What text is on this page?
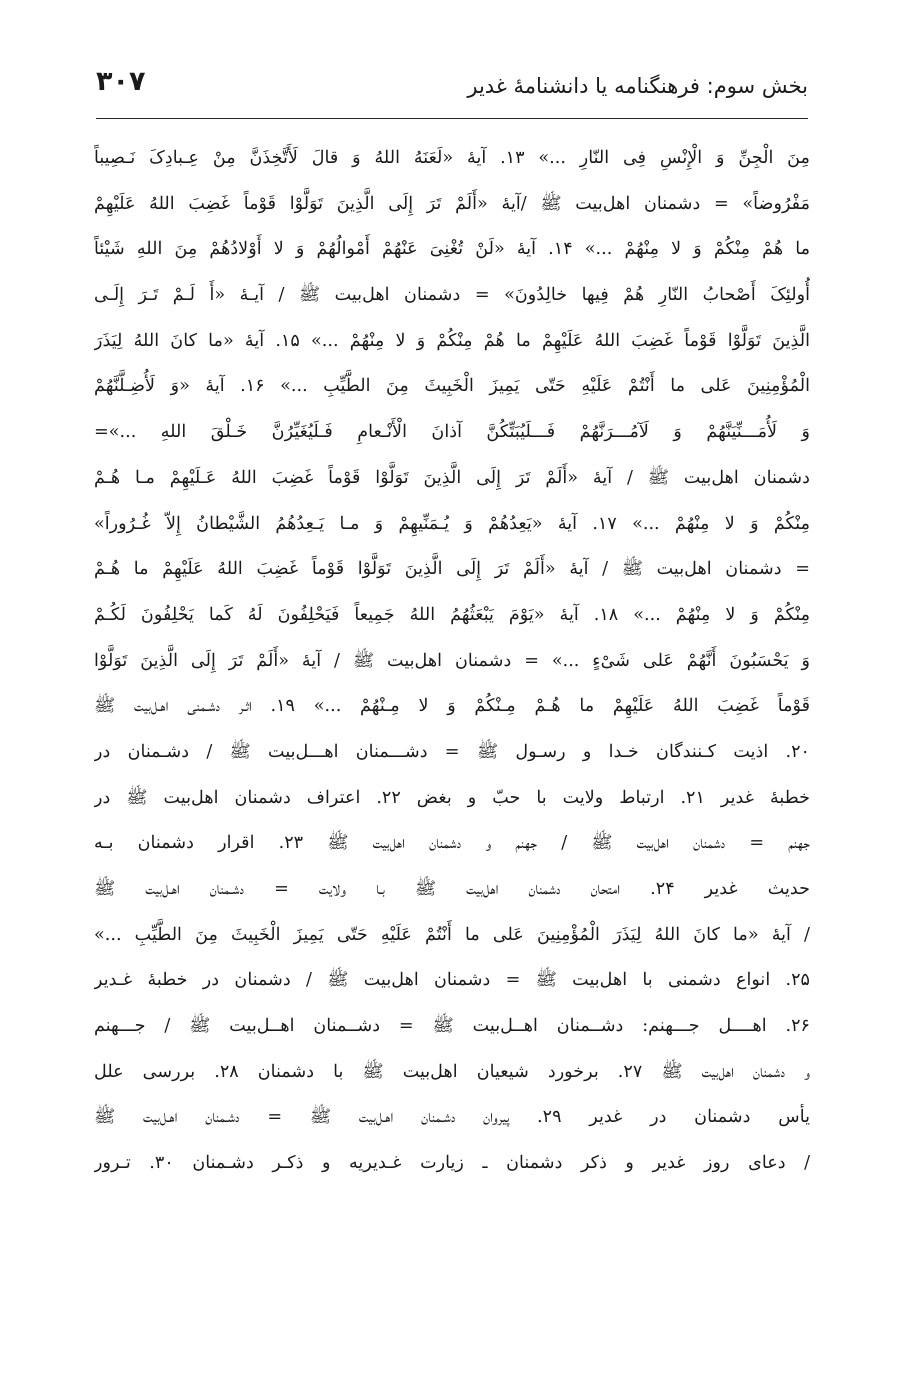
بخش سوم: فرهنگنامه یا دانشنامهٔ غدیر
۳۰۷
مِنَ الْجِنِّ وَ الْإِنْسِ فِی النّارِ ...» ۱۳. آیهٔ «لَعَنَهُ اللهُ وَ قالَ لَأَتَّخِذَنَّ مِنْ عِـبادِکَ نَـصِیباً
مَفْرُوضاً» = دشمنان اهل‌بیت ﷺ /آیهٔ «أَلَمْ تَرَ إِلَی الَّذِینَ تَوَلَّوْا قَوْماً غَضِبَ اللهُ عَلَیْهِمْ
ما هُمْ مِنْکُمْ وَ لا مِنْهُمْ ...» ۱۴. آیهٔ «لَنْ تُغْنِیَ عَنْهُمْ أَمْوالُهُمْ وَ لا أَوْلادُهُمْ مِنَ اللهِ شَیْئاً
أُولئِکَ أَصْحابُ النّارِ هُمْ فِیها خالِدُونَ» = دشمنان اهل‌بیت ﷺ / آیـهٔ «أَ لَـمْ تَـرَ إِلَـی
الَّذِینَ تَوَلَّوْا قَوْماً غَضِبَ اللهُ عَلَیْهِمْ ما هُمْ مِنْکُمْ وَ لا مِنْهُمْ ...» ۱۵. آیهٔ «ما کانَ اللهُ لِیَذَرَ
الْمُؤْمِنِینَ عَلی ما أَنْتُمْ عَلَیْهِ حَتّی یَمِیزَ الْخَبِیثَ مِنَ الطَّیِّبِ ...» ۱۶. آیهٔ «وَ لَأُضِـلَّنَّهُمْ
وَ لَأُمَـــنِّیَنَّهُمْ وَ لَآمُـــرَنَّهُمْ فَـــلَیُبَتِّکُنَّ آذانَ الْأَنْـعامِ فَـلَیُغَیِّرُنَّ خَـلْقَ اللهِ ...»=
دشمنان اهل‌بیت ﷺ / آیهٔ «أَلَمْ تَرَ إِلَی الَّذِینَ تَوَلَّوْا قَوْماً غَضِبَ اللهُ عَـلَیْهِمْ مـا هُـمْ
مِنْکُمْ وَ لا مِنْهُمْ ...» ۱۷. آیهٔ «یَعِدُهُمْ وَ یُـمَنِّیهِمْ وَ مـا یَـعِدُهُمُ الشَّیْطانُ إِلاّ غُـرُوراً»
= دشمنان اهل‌بیت ﷺ / آیهٔ «أَلَمْ تَرَ إِلَی الَّذِینَ تَوَلَّوْا قَوْماً غَضِبَ اللهُ عَلَیْهِمْ ما هُـمْ
مِنْکُمْ وَ لا مِنْهُمْ ...» ۱۸. آیهٔ «یَوْمَ یَبْعَثُهُمُ اللهُ جَمِیعاً فَیَحْلِفُونَ لَهُ کَما یَحْلِفُونَ لَکُـمْ
وَ یَحْسَبُونَ أَنَّهُمْ عَلی شَیْءٍ ...» = دشمنان اهل‌بیت ﷺ / آیهٔ «أَلَمْ تَرَ إِلَی الَّذِینَ تَوَلَّوْا
قَوْماً غَضِبَ اللهُ عَلَیْهِمْ ما هُـمْ مِـنْکُمْ وَ لا مِـنْهُمْ ...» ۱۹. اثـر دشـمنی اهـل‌بیت ﷺ
۲۰. اذیت کـنندگان خـدا و رسـول ﷺ = دشـــمنان اهـــل‌بیت ﷺ / دشـمنان در
خطبهٔ غدیر ۲۱. ارتباط ولایت با حبّ و بغض ۲۲. اعتراف دشمنان اهل‌بیت ﷺ در
جهنم = دشمنان اهل‌بیت ﷺ / جهنم و دشمنان اهل‌بیت ﷺ ۲۳. اقرار دشمنان بـه
حدیث غدیر ۲۴. امتحان دشمنان اهل‌بیت ﷺ بـا ولایت = دشـمنان اهـل‌بیت ﷺ
/ آیهٔ «ما کانَ اللهُ لِیَذَرَ الْمُؤْمِنِینَ عَلی ما أَنْتُمْ عَلَیْهِ حَتّی یَمِیزَ الْخَبِیثَ مِنَ الطَّیِّبِ ...»
۲۵. انواع دشمنی با اهل‌بیت ﷺ = دشمنان اهل‌بیت ﷺ / دشمنان در خطبهٔ غـدیر
۲۶. اهــــل جـــهنم: دشــمنان اهــل‌بیت ﷺ = دشــمنان اهــل‌بیت ﷺ / جـــهنم
و دشمنان اهل‌بیت ﷺ ۲۷. برخورد شیعیان اهل‌بیت ﷺ با دشمنان ۲۸. بررسی علل
یأس دشمنان در غدیر ۲۹. پیروان دشـمنان اهـل‌بیت ﷺ = دشـمنان اهـل‌بیت ﷺ
/ دعای روز غدیر و ذکر دشمنان ـ زیارت غـدیریه و ذکـر دشـمنان ۳۰. تـرور
